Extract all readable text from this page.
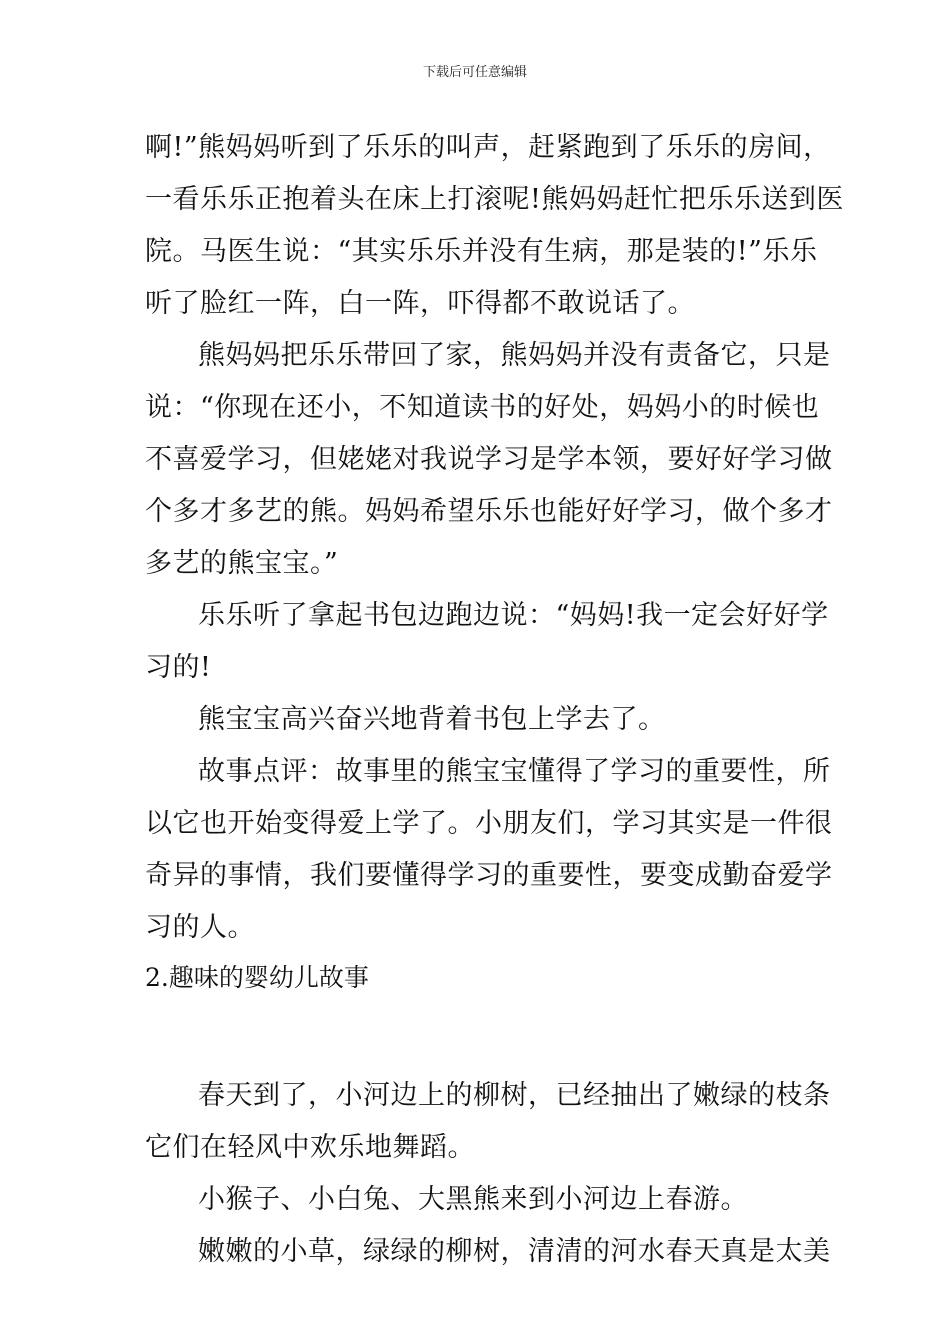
下载后可任意编辑
啊!”熊妈妈听到了乐乐的叫声，赶紧跑到了乐乐的房间，
一看乐乐正抱着头在床上打滚呢!熊妈妈赶忙把乐乐送到医
院。马医生说：“其实乐乐并没有生病，那是装的!”乐乐
听了脸红一阵，白一阵，吓得都不敢说话了。
熊妈妈把乐乐带回了家，熊妈妈并没有责备它，只是
说：“你现在还小，不知道读书的好处，妈妈小的时候也
不喜爱学习，但姥姥对我说学习是学本领，要好好学习做
个多才多艺的熊。妈妈希望乐乐也能好好学习，做个多才
多艺的熊宝宝。”
乐乐听了拿起书包边跑边说：“妈妈!我一定会好好学
习的!
熊宝宝高兴奋兴地背着书包上学去了。
故事点评：故事里的熊宝宝懂得了学习的重要性，所
以它也开始变得爱上学了。小朋友们，学习其实是一件很
奇异的事情，我们要懂得学习的重要性，要变成勤奋爱学
习的人。
2.趣味的婴幼儿故事
春天到了，小河边上的柳树，已经抽出了嫩绿的枝条
它们在轻风中欢乐地舞蹈。
小猴子、小白兔、大黑熊来到小河边上春游。
嫩嫩的小草，绿绿的柳树，清清的河水春天真是太美
